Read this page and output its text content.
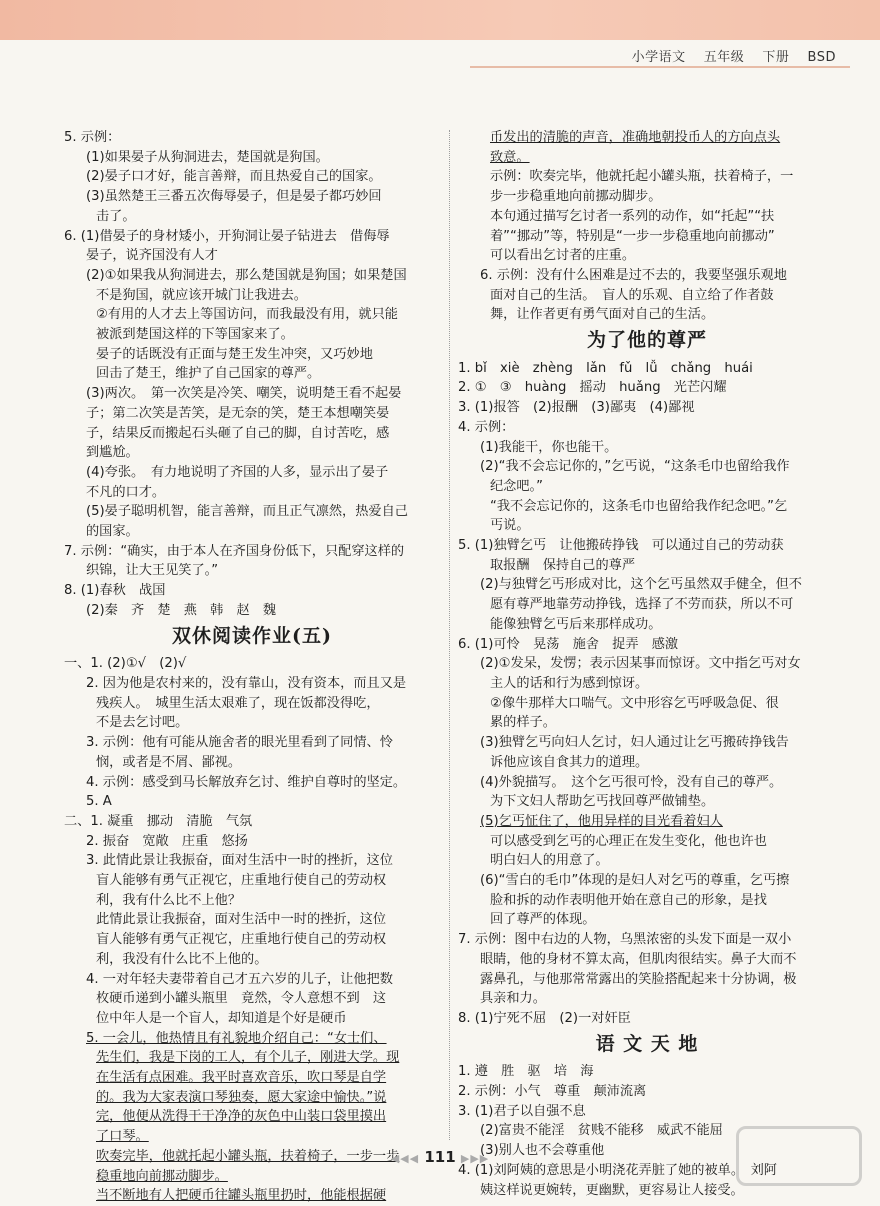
小学语文　 五年级　 下册　 BSD

5. 示例：

(1)如果晏子从狗洞进去，楚国就是狗国。

(2)晏子口才好，能言善辩，而且热爱自己的国家。

(3)虽然楚王三番五次侮辱晏子，但是晏子都巧妙回

击了。

6. (1)借晏子的身材矮小，开狗洞让晏子钻进去　借侮辱

晏子，说齐国没有人才

(2)①如果我从狗洞进去，那么楚国就是狗国；如果楚国

不是狗国，就应该开城门让我进去。

②有用的人才去上等国访问，而我最没有用，就只能

被派到楚国这样的下等国家来了。

晏子的话既没有正面与楚王发生冲突，又巧妙地

回击了楚王，维护了自己国家的尊严。

(3)两次。　第一次笑是冷笑、嘲笑，说明楚王看不起晏

子；第二次笑是苦笑，是无奈的笑，楚王本想嘲笑晏

子，结果反而搬起石头砸了自己的脚，自讨苦吃，感

到尴尬。

(4)夸张。　有力地说明了齐国的人多，显示出了晏子

不凡的口才。

(5)晏子聪明机智，能言善辩，而且正气凛然，热爱自己

的国家。

7. 示例：“确实，由于本人在齐国身份低下，只配穿这样的

织锦，让大王见笑了。”

8. (1)春秋　战国

(2)秦　齐　楚　燕　韩　赵　魏

双休阅读作业(五)

一、1. (2)①√　(2)√

2. 因为他是农村来的，没有靠山，没有资本，而且又是

残疾人。　城里生活太艰难了，现在饭都没得吃，

不是去乞讨吧。

3. 示例：他有可能从施舍者的眼光里看到了同情、怜

悯，或者是不屑、鄙视。

4. 示例：感受到马长解放弃乞讨、维护自尊时的坚定。

5. A

二、1. 凝重　挪动　清脆　气氛

2. 振奋　宽敞　庄重　悠扬

3. 此情此景让我振奋，面对生活中一时的挫折，这位

盲人能够有勇气正视它，庄重地行使自己的劳动权

利，我有什么比不上他？

此情此景让我振奋，面对生活中一时的挫折，这位

盲人能够有勇气正视它，庄重地行使自己的劳动权

利，我没有什么比不上他的。

4. 一对年轻夫妻带着自己才五六岁的儿子，让他把数

枚硬币递到小罐头瓶里　竟然，令人意想不到　这

位中年人是一个盲人，却知道是个好是硬币

5. 一会儿，他热情且有礼貌地介绍自己：“女士们、

先生们，我是下岗的工人，有个儿子，刚进大学。现

在生活有点困难。我平时喜欢音乐，吹口琴是自学

的。我为大家表演口琴独奏，愿大家途中愉快。”说

完，他便从洗得干干净净的灰色中山装口袋里摸出

了口琴。

吹奏完毕，他就托起小罐头瓶，扶着椅子，一步一步

稳重地向前挪动脚步。

当不断地有人把硬币往罐头瓶里扔时，他能根据硬

币发出的清脆的声音，准确地朝投币人的方向点头

致意。

示例：吹奏完毕，他就托起小罐头瓶，扶着椅子，一

步一步稳重地向前挪动脚步。

本句通过描写乞讨者一系列的动作，如“托起”“扶

着”“挪动”等，特别是“一步一步稳重地向前挪动”

可以看出乞讨者的庄重。

6. 示例：没有什么困难是过不去的，我要坚强乐观地

面对自己的生活。　盲人的乐观、自立给了作者鼓

舞，让作者更有勇气面对自己的生活。

为了他的尊严

1. bǐ　xiè　zhèng　lǎn　fǔ　lǚ　chǎng　huái

2. ①　③　huàng　摇动　huǎng　光芒闪耀

3. (1)报答　(2)报酬　(3)鄙夷　(4)鄙视

4. 示例：

(1)我能干，你也能干。

(2)“我不会忘记你的，”乞丐说，“这条毛巾也留给我作

纪念吧。”

“我不会忘记你的，这条毛巾也留给我作纪念吧。”乞

丐说。

5. (1)独臂乞丐　让他搬砖挣钱　可以通过自己的劳动获

取报酬　保持自己的尊严

(2)与独臂乞丐形成对比，这个乞丐虽然双手健全，但不

愿有尊严地靠劳动挣钱，选择了不劳而获，所以不可

能像独臂乞丐后来那样成功。

6. (1)可怜　晃荡　施舍　捉弄　感激

(2)①发呆，发愣；表示因某事而惊讶。文中指乞丐对女

主人的话和行为感到惊讶。

②像牛那样大口喘气。文中形容乞丐呼吸急促、很

累的样子。

(3)独臂乞丐向妇人乞讨，妇人通过让乞丐搬砖挣钱告

诉他应该自食其力的道理。

(4)外貌描写。　这个乞丐很可怜，没有自己的尊严。

为下文妇人帮助乞丐找回尊严做铺垫。

(5)乞丐怔住了，他用异样的目光看着妇人

可以感受到乞丐的心理正在发生变化，他也许也

明白妇人的用意了。

(6)“雪白的毛巾”体现的是妇人对乞丐的尊重，乞丐擦

脸和拆的动作表明他开始在意自己的形象，是找

回了尊严的体现。

7. 示例：图中右边的人物，乌黑浓密的头发下面是一双小

眼睛，他的身材不算太高，但肌肉很结实。鼻子大而不

露鼻孔，与他那常常露出的笑脸搭配起来十分协调，极

具亲和力。

8. (1)宁死不屈　(2)一对奸臣

语 文 天 地

1. 遵　胜　驱　培　海

2. 示例：小气　尊重　颠沛流离

3. (1)君子以自强不息

(2)富贵不能淫　贫贱不能移　威武不能屈

(3)别人也不会尊重他

4. (1)刘阿姨的意思是小明浇花弄脏了她的被单。　刘阿

姨这样说更婉转，更幽默，更容易让人接受。

◀◀◀ 111 ▶▶▶
